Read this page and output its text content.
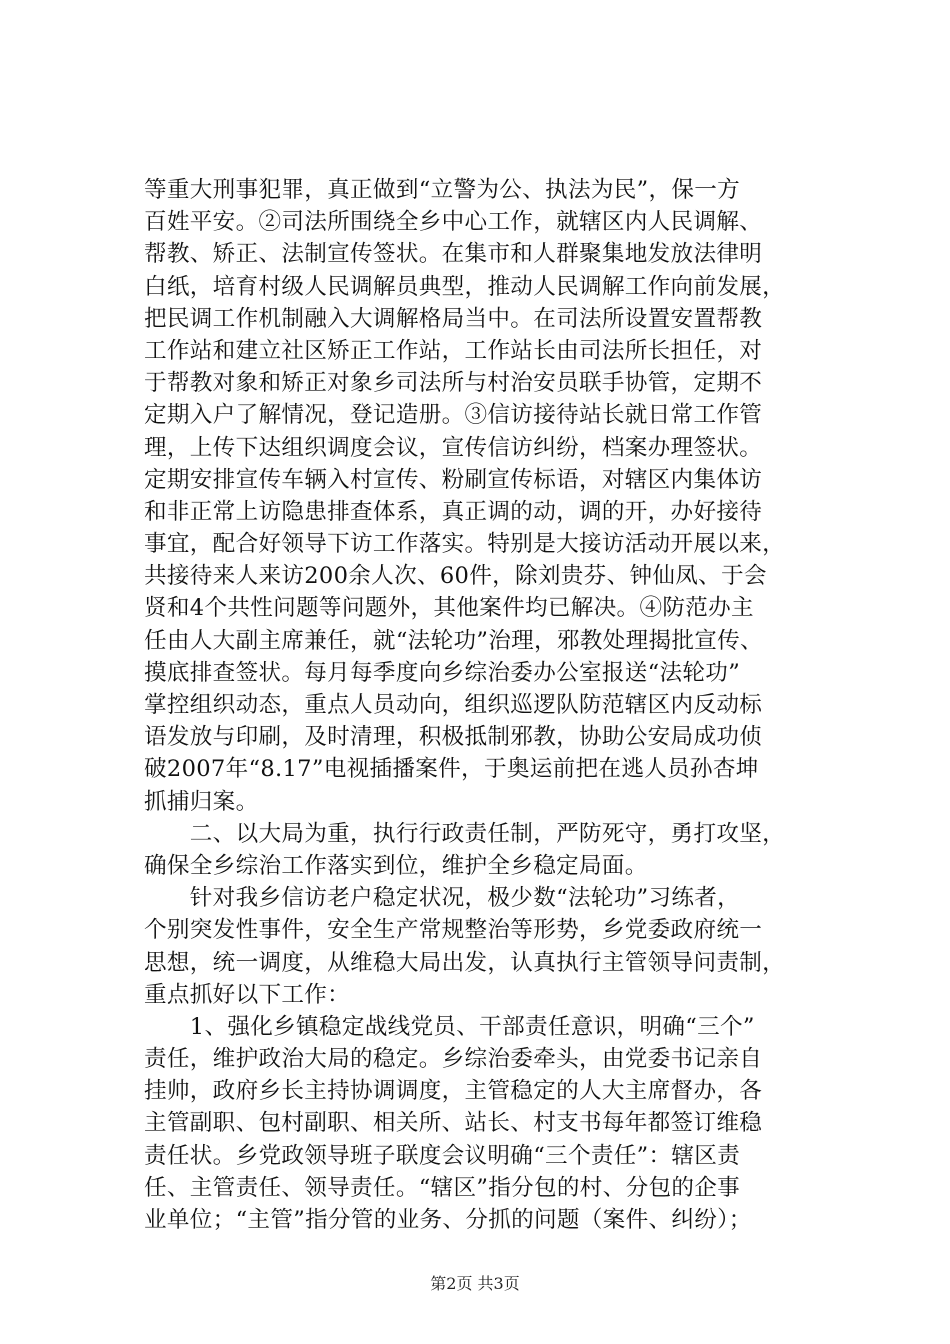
等重大刑事犯罪，真正做到“立警为公、执法为民”，保一方
百姓平安。②司法所围绕全乡中心工作，就辖区内人民调解、
帮教、矫正、法制宣传签状。在集市和人群聚集地发放法律明
白纸，培育村级人民调解员典型，推动人民调解工作向前发展，
把民调工作机制融入大调解格局当中。在司法所设置安置帮教
工作站和建立社区矫正工作站，工作站长由司法所长担任，对
于帮教对象和矫正对象乡司法所与村治安员联手协管，定期不
定期入户了解情况，登记造册。③信访接待站长就日常工作管
理，上传下达组织调度会议，宣传信访纠纷，档案办理签状。
定期安排宣传车辆入村宣传、粉刷宣传标语，对辖区内集体访
和非正常上访隐患排查体系，真正调的动，调的开，办好接待
事宜，配合好领导下访工作落实。特别是大接访活动开展以来，
共接待来人来访200余人次、60件，除刘贵芬、钟仙凤、于会
贤和4个共性问题等问题外，其他案件均已解决。④防范办主
任由人大副主席兼任，就“法轮功”治理，邪教处理揭批宣传、
摸底排查签状。每月每季度向乡综治委办公室报送“法轮功”
掌控组织动态，重点人员动向，组织巡逻队防范辖区内反动标
语发放与印刷，及时清理，积极抵制邪教，协助公安局成功侦
破2007年“8.17”电视插播案件，于奥运前把在逃人员孙杏坤
抓捕归案。
　　二、以大局为重，执行行政责任制，严防死守，勇打攻坚，
确保全乡综治工作落实到位，维护全乡稳定局面。
　　针对我乡信访老户稳定状况，极少数“法轮功”习练者，
个别突发性事件，安全生产常规整治等形势，乡党委政府统一
思想，统一调度，从维稳大局出发，认真执行主管领导问责制，
重点抓好以下工作：
　　1、强化乡镇稳定战线党员、干部责任意识，明确“三个”
责任，维护政治大局的稳定。乡综治委牵头，由党委书记亲自
挂帅，政府乡长主持协调调度，主管稳定的人大主席督办，各
主管副职、包村副职、相关所、站长、村支书每年都签订维稳
责任状。乡党政领导班子联度会议明确“三个责任”：辖区责
任、主管责任、领导责任。“辖区”指分包的村、分包的企事
业单位；“主管”指分管的业务、分抓的问题（案件、纠纷）；
第2页 共3页
